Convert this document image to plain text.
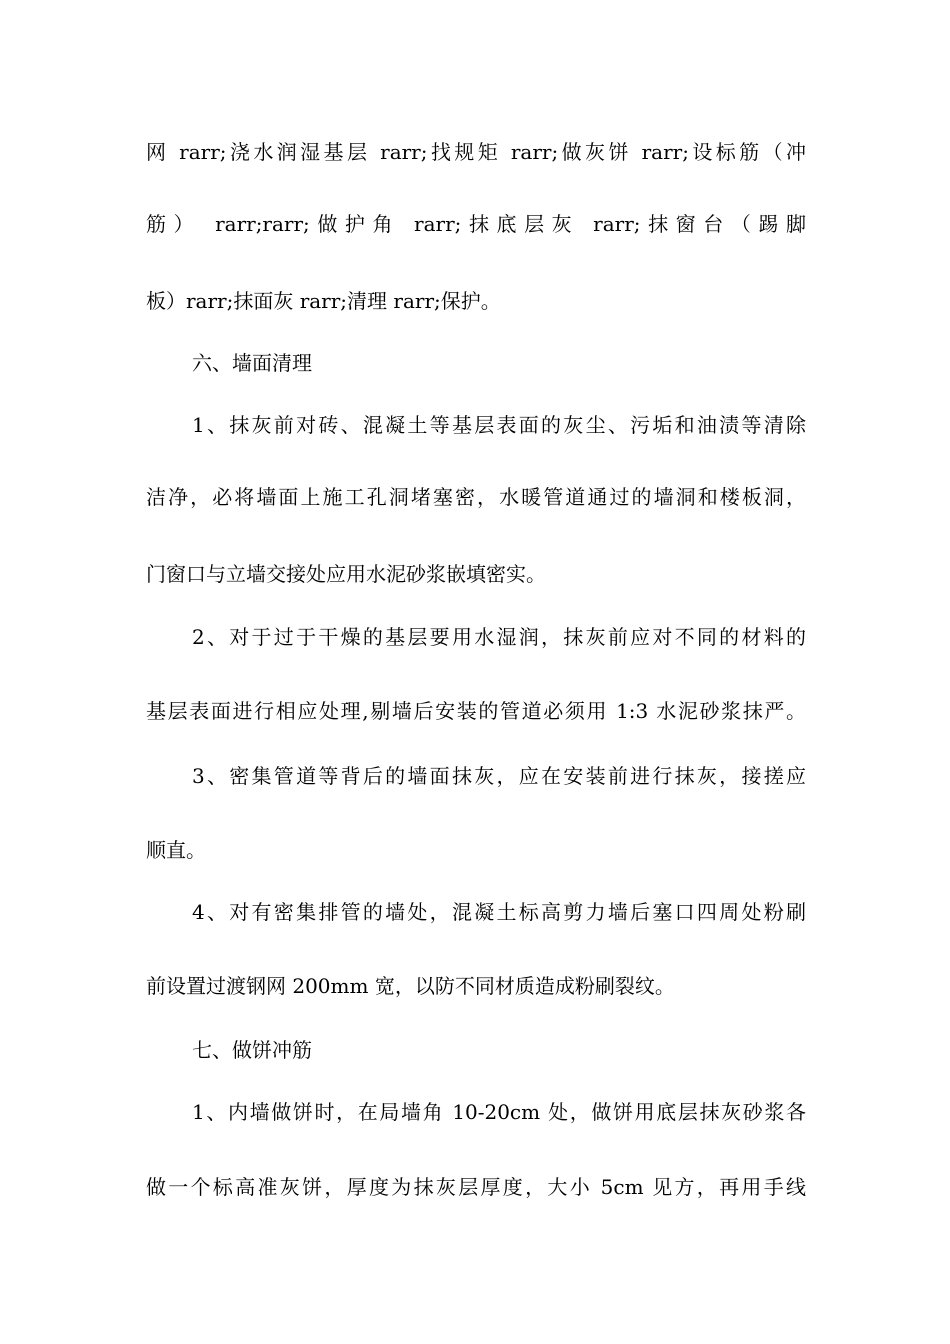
网 rarr;浇水润湿基层 rarr;找规矩 rarr;做灰饼 rarr;设标筋（冲
筋） rarr;rarr;做护角 rarr;抹底层灰 rarr;抹窗台（踢脚
板）rarr;抹面灰 rarr;清理 rarr;保护。
六、墙面清理
1、抹灰前对砖、混凝土等基层表面的灰尘、污垢和油渍等清除
洁净，必将墙面上施工孔洞堵塞密，水暖管道通过的墙洞和楼板洞，
门窗口与立墙交接处应用水泥砂浆嵌填密实。
2、对于过于干燥的基层要用水湿润，抹灰前应对不同的材料的
基层表面进行相应处理,剔墙后安装的管道必须用 1:3 水泥砂浆抹严。
3、密集管道等背后的墙面抹灰，应在安装前进行抹灰，接搓应
顺直。
4、对有密集排管的墙处，混凝土标高剪力墙后塞口四周处粉刷
前设置过渡钢网 200mm 宽，以防不同材质造成粉刷裂纹。
七、做饼冲筋
1、内墙做饼时，在局墙角 10-20cm 处，做饼用底层抹灰砂浆各
做一个标高准灰饼，厚度为抹灰层厚度，大小 5cm 见方，再用手线
